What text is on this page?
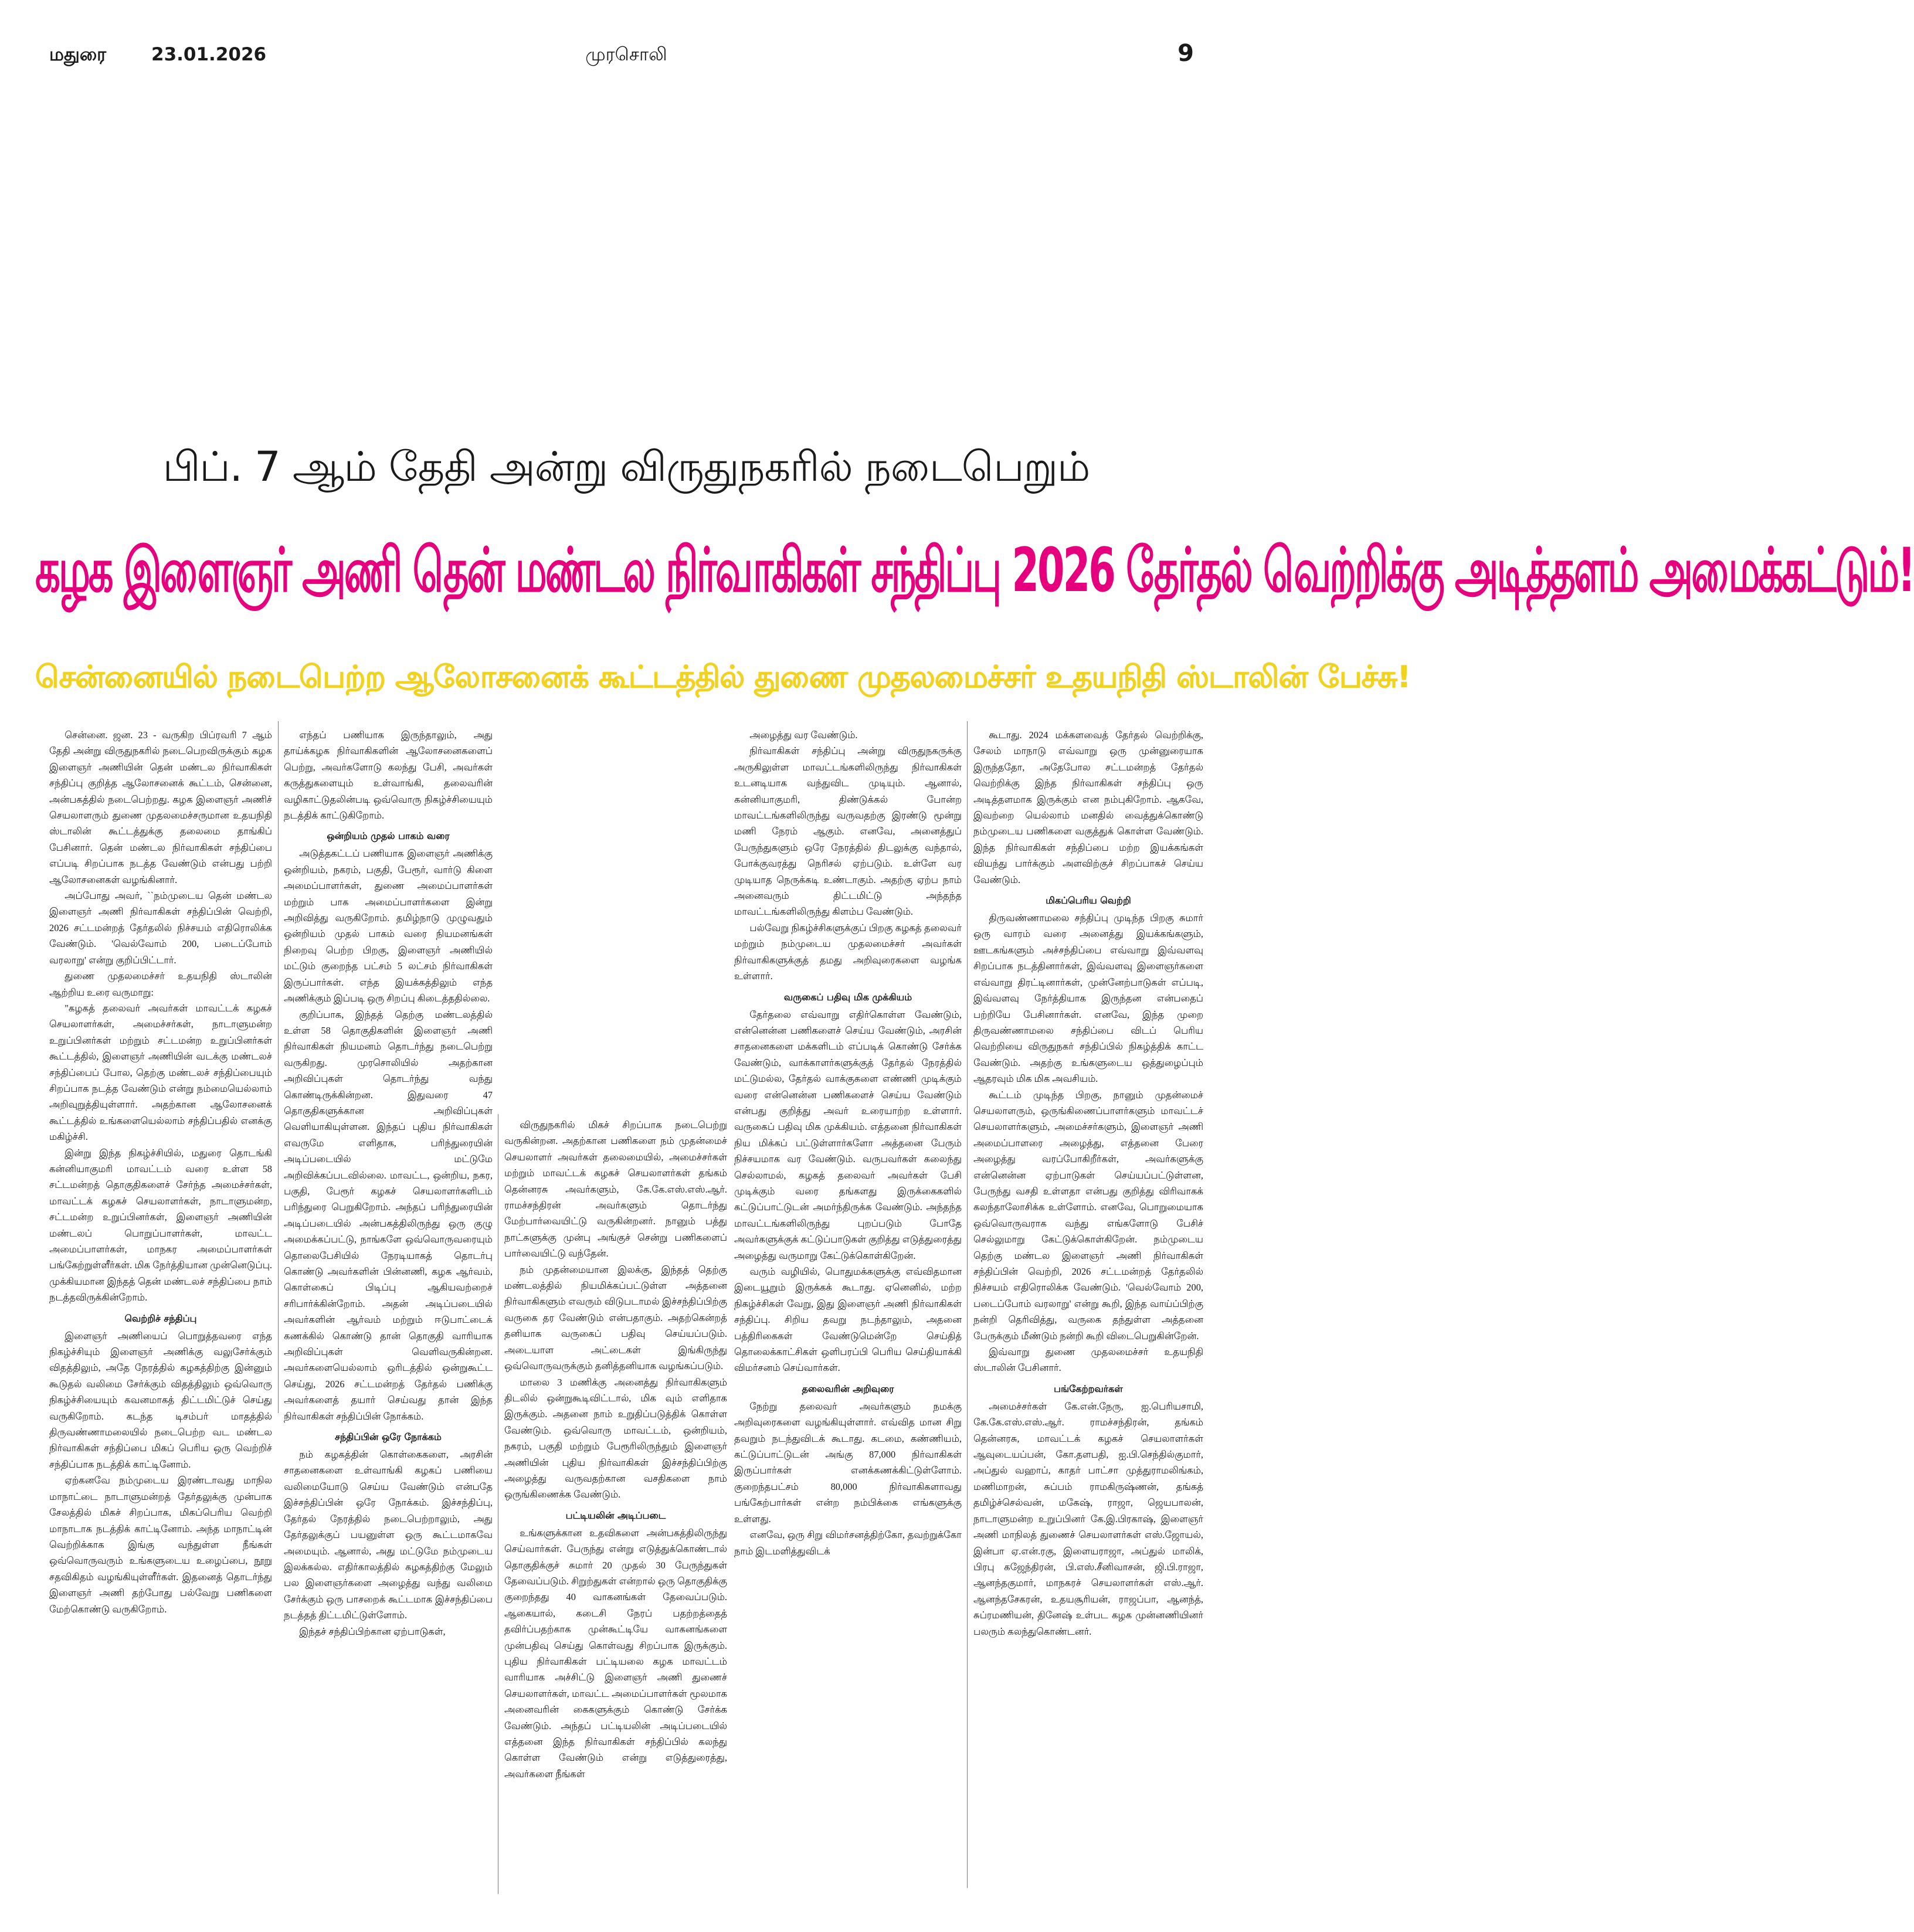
மதுரை 23.01.2026	முரசொலி	9
பிப். 7 ஆம் தேதி அன்று விருதுநகரில் நடைபெறும்
கழக இளைஞர் அணி தென் மண்டல நிர்வாகிகள் சந்திப்பு 2026 தேர்தல் வெற்றிக்கு அடித்தளம் அமைக்கட்டும்!
சென்னையில் நடைபெற்ற ஆலோசனைக் கூட்டத்தில் துணை முதலமைச்சர் உதயநிதி ஸ்டாலின் பேச்சு!

சென்னை. ஜன. 23 - வருகிற பிப்ரவரி 7 ஆம் தேதி அன்று விருதுநகரில் நடைபெறவிருக்கும் கழக இளைஞர் அணியின் தென் மண்டல நிர்வாகிகள் சந்திப்பு குறித்த ஆலோசனைக் கூட்டம், சென்னை, அன்பகத்தில் நடைபெற்றது. கழக இளைஞர் அணிச் செயலாளரும் துணை முதலமைச்சருமான உதயநிதி ஸ்டாலின் கூட்டத்துக்கு தலைமை தாங்கிப் பேசினார். தென் மண்டல நிர்வாகிகள் சந்திப்பை எப்படி சிறப்பாக நடத்த வேண்டும் என்பது பற்றி ஆலோசனைகள் வழங்கினார்.

அப்போது அவர், ``நம்முடைய தென் மண்டல இளைஞர் அணி நிர்வாகிகள் சந்திப்பின் வெற்றி, 2026 சட்டமன்றத் தேர்தலில் நிச்சயம் எதிரொலிக்க வேண்டும். 'வெல்வோம் 200, படைப்போம் வரலாறு' என்று குறிப்பிட்டார்.

துணை முதலமைச்சர் உதயநிதி ஸ்டாலின் ஆற்றிய உரை வருமாறு:

"கழகத் தலைவர் அவர்கள் மாவட்டக் கழகச் செயலாளர்கள், அமைச்சர்கள், நாடாளுமன்ற உறுப்பினர்கள் மற்றும் சட்டமன்ற உறுப்பினர்கள் கூட்டத்தில், இளைஞர் அணியின் வடக்கு மண்டலச் சந்திப்பைப் போல, தெற்கு மண்டலச் சந்திப்பையும் சிறப்பாக நடத்த வேண்டும் என்று நம்மையெல்லாம் அறிவுறுத்தியுள்ளார். அதற்கான ஆலோசனைக் கூட்டத்தில் உங்களையெல்லாம் சந்திப்பதில் எனக்கு மகிழ்ச்சி.

இன்று இந்த நிகழ்ச்சியில், மதுரை தொடங்கி கன்னியாகுமரி மாவட்டம் வரை உள்ள 58 சட்டமன்றத் தொகுதிகளைச் சேர்ந்த அமைச்சர்கள், மாவட்டக் கழகச் செயலாளர்கள், நாடாளுமன்ற, சட்டமன்ற உறுப்பினர்கள், இளைஞர் அணியின் மண்டலப் பொறுப்பாளர்கள், மாவட்ட அமைப்பாளர்கள், மாநகர அமைப்பாளர்கள் பங்கேற்றுள்ளீர்கள். மிக நேர்த்தியான முன்னெடுப்பு. முக்கியமான இந்தத் தென் மண்டலச் சந்திப்பை நாம் நடத்தவிருக்கின்றோம்.

வெற்றிச் சந்திப்பு

இளைஞர் அணியைப் பொறுத்தவரை எந்த நிகழ்ச்சியும் இளைஞர் அணிக்கு வலுசேர்க்கும் விதத்திலும், அதே நேரத்தில் கழகத்திற்கு இன்னும் கூடுதல் வலிமை சேர்க்கும் விதத்திலும் ஒவ்வொரு நிகழ்ச்சியையும் கவனமாகத் திட்டமிட்டுச் செய்து வருகிறோம். கடந்த டிசம்பர் மாதத்தில் திருவண்ணாமலையில் நடைபெற்ற வட மண்டல நிர்வாகிகள் சந்திப்பை மிகப் பெரிய ஒரு வெற்றிச் சந்திப்பாக நடத்திக் காட்டினோம்.

ஏற்கனவே நம்முடைய இரண்டாவது மாநில மாநாட்டை நாடாளுமன்றத் தேர்தலுக்கு முன்பாக சேலத்தில் மிகச் சிறப்பாக, மிகப்பெரிய வெற்றி மாநாடாக நடத்திக் காட்டினோம். அந்த மாநாட்டின் வெற்றிக்காக இங்கு வந்துள்ள நீங்கள் ஒவ்வொருவரும் உங்களுடைய உழைப்பை, நூறு சதவிகிதம் வழங்கியுள்ளீர்கள். இதனைத் தொடர்ந்து இளைஞர் அணி தற்போது பல்வேறு பணிகளை மேற்கொண்டு வருகிறோம்.

எந்தப் பணியாக இருந்தாலும், அது தாய்க்கழக நிர்வாகிகளின் ஆலோசனைகளைப் பெற்று, அவர்களோடு கலந்து பேசி, அவர்கள் கருத்துகளையும் உள்வாங்கி, தலைவரின் வழிகாட்டுதலின்படி ஒவ்வொரு நிகழ்ச்சியையும் நடத்திக் காட்டுகிறோம்.

ஒன்றியம் முதல் பாகம் வரை

அடுத்தகட்டப் பணியாக இளைஞர் அணிக்கு ஒன்றியம், நகரம், பகுதி, பேரூர், வார்டு கிளை அமைப்பாளர்கள், துணை அமைப்பாளர்கள் மற்றும் பாக அமைப்பாளர்களை இன்று அறிவித்து வருகிறோம். தமிழ்நாடு முழுவதும் ஒன்றியம் முதல் பாகம் வரை நியமனங்கள் நிறைவு பெற்ற பிறகு, இளைஞர் அணியில் மட்டும் குறைந்த பட்சம் 5 லட்சம் நிர்வாகிகள் இருப்பார்கள். எந்த இயக்கத்திலும் எந்த அணிக்கும் இப்படி ஒரு சிறப்பு கிடைத்ததில்லை.

குறிப்பாக, இந்தத் தெற்கு மண்டலத்தில் உள்ள 58 தொகுதிகளின் இளைஞர் அணி நிர்வாகிகள் நியமனம் தொடர்ந்து நடைபெற்று வருகிறது. முரசொலியில் அதற்கான அறிவிப்புகள் தொடர்ந்து வந்து கொண்டிருக்கின்றன. இதுவரை 47 தொகுதிகளுக்கான அறிவிப்புகள் வெளியாகியுள்ளன. இந்தப் புதிய நிர்வாகிகள் எவருமே எளிதாக, பரிந்துரையின் அடிப்படையில் மட்டுமே அறிவிக்கப்படவில்லை. மாவட்ட, ஒன்றிய, நகர, பகுதி, பேரூர் கழகச் செயலாளர்களிடம் பரிந்துரை பெறுகிறோம். அந்தப் பரிந்துரையின் அடிப்படையில் அன்பகத்திலிருந்து ஒரு குழு அமைக்கப்பட்டு, நாங்களே ஒவ்வொருவரையும் தொலைபேசியில் நேரடியாகத் தொடர்பு கொண்டு அவர்களின் பின்னணி, கழக ஆர்வம், கொள்கைப் பிடிப்பு ஆகியவற்றைச் சரிபார்க்கின்றோம். அதன் அடிப்படையில் அவர்களின் ஆர்வம் மற்றும் ஈடுபாட்டைக் கணக்கில் கொண்டு தான் தொகுதி வாரியாக அறிவிப்புகள் வெளிவருகின்றன. அவர்களையெல்லாம் ஒரிடத்தில் ஒன்றுகூட்ட செய்து, 2026 சட்டமன்றத் தேர்தல் பணிக்கு அவர்களைத் தயார் செய்வது தான் இந்த நிர்வாகிகள் சந்திப்பின் நோக்கம்.

சந்திப்பின் ஒரே நோக்கம்

நம் கழகத்தின் கொள்கைகளை, அரசின் சாதனைகளை உள்வாங்கி கழகப் பணியை வலிமையோடு செய்ய வேண்டும் என்பதே இச்சந்திப்பின் ஒரே நோக்கம். இச்சந்திப்பு, தேர்தல் நேரத்தில் நடைபெற்றாலும், அது தேர்தலுக்குப் பயனுள்ள ஒரு கூட்டமாகவே அமையும். ஆனால், அது மட்டுமே நம்முடைய இலக்கல்ல. எதிர்காலத்தில் கழகத்திற்கு மேலும் பல இளைஞர்களை அழைத்து வந்து வலிமை சேர்க்கும் ஒரு பாசறைக் கூட்டமாக இச்சந்திப்பை நடத்தத் திட்டமிட்டுள்ளோம்.

இந்தச் சந்திப்பிற்கான ஏற்பாடுகள்,

விருதுநகரில் மிகச் சிறப்பாக நடைபெற்று வருகின்றன. அதற்கான பணிகளை நம் முதன்மைச் செயலாளர் அவர்கள் தலைமையில், அமைச்சர்கள் மற்றும் மாவட்டக் கழகச் செயலாளர்கள் தங்கம் தென்னரசு அவர்களும், கே.கே.எஸ்.எஸ்.ஆர். ராமச்சந்திரன் அவர்களும் தொடர்ந்து மேற்பார்வையிட்டு வருகின்றனர். நானும் பத்து நாட்களுக்கு முன்பு அங்குச் சென்று பணிகளைப் பார்வையிட்டு வந்தேன்.

நம் முதன்மையான இலக்கு, இந்தத் தெற்கு மண்டலத்தில் நியமிக்கப்பட்டுள்ள அத்தனை நிர்வாகிகளும் எவரும் விடுபடாமல் இச்சந்திப்பிற்கு வருகை தர வேண்டும் என்பதாகும். அதற்கென்றத் தனியாக வருகைப் பதிவு செய்யப்படும். அடையாள அட்டைகள் இங்கிருந்து ஒவ்வொருவருக்கும் தனித்தனியாக வழங்கப்படும்.

மாலை 3 மணிக்கு அனைத்து நிர்வாகிகளும் திடலில் ஒன்றுகூடிவிட்டால், மிக வும் எளிதாக இருக்கும். அதனை நாம் உறுதிப்படுத்திக் கொள்ள வேண்டும். ஒவ்வொரு மாவட்டம், ஒன்றியம், நகரம், பகுதி மற்றும் பேரூரிலிருந்தும் இளைஞர் அணியின் புதிய நிர்வாகிகள் இச்சந்திப்பிற்கு அழைத்து வருவதற்கான வசதிகளை நாம் ஒருங்கிணைக்க வேண்டும்.

பட்டியலின் அடிப்படை

உங்களுக்கான உதவிகளை அன்பகத்திலிருந்து செய்வார்கள். பேருந்து என்று எடுத்துக்கொண்டால் தொகுதிக்குச் சுமார் 20 முதல் 30 பேருந்துகள் தேவைப்படும். சிறுற்துகள் என்றால் ஒரு தொகுதிக்கு குறைந்தது 40 வாகனங்கள் தேவைப்படும். ஆகையால், கடைசி நேரப் பதற்றத்தைத் தவிர்ப்பதற்காக முன்கூட்டியே வாகனங்களை முன்பதிவு செய்து கொள்வது சிறப்பாக இருக்கும். புதிய நிர்வாகிகள் பட்டியலை கழக மாவட்டம் வாரியாக அச்சிட்டு இளைஞர் அணி துணைச் செயலாளர்கள், மாவட்ட அமைப்பாளர்கள் மூலமாக அனைவரின் கைகளுக்கும் கொண்டு சேர்க்க வேண்டும். அந்தப் பட்டியலின் அடிப்படையில் எத்தனை இந்த நிர்வாகிகள் சந்திப்பில் கலந்து கொள்ள வேண்டும் என்று எடுத்துரைத்து, அவர்களை நீங்கள்

அழைத்து வர வேண்டும்.

நிர்வாகிகள் சந்திப்பு அன்று விருதுநகருக்கு அருகிலுள்ள மாவட்டங்களிலிருந்து நிர்வாகிகள் உடனடியாக வந்துவிட முடியும். ஆனால், கன்னியாகுமரி, திண்டுக்கல் போன்ற மாவட்டங்களிலிருந்து வருவதற்கு இரண்டு மூன்று மணி நேரம் ஆகும். எனவே, அனைத்துப் பேருந்துகளும் ஒரே நேரத்தில் திடலுக்கு வந்தால், போக்குவரத்து நெரிசல் ஏற்படும். உள்ளே வர முடியாத நெருக்கடி உண்டாகும். அதற்கு ஏற்ப நாம் அனைவரும் திட்டமிட்டு அந்தந்த மாவட்டங்களிலிருந்து கிளம்ப வேண்டும்.

பல்வேறு நிகழ்ச்சிகளுக்குப் பிறகு கழகத் தலைவர் மற்றும் நம்முடைய முதலமைச்சர் அவர்கள் நிர்வாகிகளுக்குத் தமது அறிவுரைகளை வழங்க உள்ளார்.

வருகைப் பதிவு மிக முக்கியம்

தேர்தலை எவ்வாறு எதிர்கொள்ள வேண்டும், என்னென்ன பணிகளைச் செய்ய வேண்டும், அரசின் சாதனைகளை மக்களிடம் எப்படிக் கொண்டு சேர்க்க வேண்டும், வாக்காளர்களுக்குத் தேர்தல் நேரத்தில் மட்டுமல்ல, தேர்தல் வாக்குகளை எண்ணி முடிக்கும் வரை என்னென்ன பணிகளைச் செய்ய வேண்டும் என்பது குறித்து அவர் உரையாற்ற உள்ளார். வருகைப் பதிவு மிக முக்கியம். எத்தனை நிர்வாகிகள் நிய மிக்கப் பட்டுள்ளார்களோ அத்தனை பேரும் நிச்சயமாக வர வேண்டும். வருபவர்கள் கலைந்து செல்லாமல், கழகத் தலைவர் அவர்கள் பேசி முடிக்கும் வரை தங்களது இருக்கைகளில் கட்டுப்பாட்டுடன் அமர்ந்திருக்க வேண்டும். அந்தந்த மாவட்டங்களிலிருந்து புறப்படும் போதே அவர்களுக்குக் கட்டுப்பாடுகள் குறித்து எடுத்துரைத்து அழைத்து வருமாறு கேட்டுக்கொள்கிறேன்.

வரும் வழியில், பொதுமக்களுக்கு எவ்விதமான இடையூறும் இருக்கக் கூடாது. ஏனெனில், மற்ற நிகழ்ச்சிகள் வேறு, இது இளைஞர் அணி நிர்வாகிகள் சந்திப்பு. சிறிய தவறு நடந்தாலும், அதனை பத்திரிகைகள் வேண்டுமென்றே செய்தித் தொலைக்காட்சிகள் ஒளிபரப்பி பெரிய செய்தியாக்கி விமர்சனம் செய்வார்கள்.

தலைவரின் அறிவுரை

நேற்று தலைவர் அவர்களும் நமக்கு அறிவுரைகளை வழங்கியுள்ளார். எவ்வித மான சிறு தவறும் நடந்துவிடக் கூடாது. கடமை, கண்ணியம், கட்டுப்பாட்டுடன் அங்கு 87,000 நிர்வாகிகள் இருப்பார்கள் எனக்கணக்கிட்டுள்ளோம். குறைந்தபட்சம் 80,000 நிர்வாகிகளாவது பங்கேற்பார்கள் என்ற நம்பிக்கை எங்களுக்கு உள்ளது.

எனவே, ஒரு சிறு விமர்சனத்திற்கோ, தவற்றுக்கோ நாம் இடமளித்துவிடக்

கூடாது. 2024 மக்களவைத் தேர்தல் வெற்றிக்கு, சேலம் மாநாடு எவ்வாறு ஒரு முன்னுரையாக இருந்ததோ, அதேபோல சட்டமன்றத் தேர்தல் வெற்றிக்கு இந்த நிர்வாகிகள் சந்திப்பு ஒரு அடித்தளமாக இருக்கும் என நம்புகிறோம். ஆகவே, இவற்றை யெல்லாம் மனதில் வைத்துக்கொண்டு நம்முடைய பணிகளை வகுத்துக் கொள்ள வேண்டும். இந்த நிர்வாகிகள் சந்திப்பை மற்ற இயக்கங்கள் வியந்து பார்க்கும் அளவிற்குச் சிறப்பாகச் செய்ய வேண்டும்.

மிகப்பெரிய வெற்றி

திருவண்ணாமலை சந்திப்பு முடிந்த பிறகு சுமார் ஒரு வாரம் வரை அனைத்து இயக்கங்களும், ஊடகங்களும் அச்சந்திப்பை எவ்வாறு இவ்வளவு சிறப்பாக நடத்தினார்கள், இவ்வளவு இளைஞர்களை எவ்வாறு திரட்டினார்கள், முன்னேற்பாடுகள் எப்படி, இவ்வளவு நேர்த்தியாக இருந்தன என்பதைப் பற்றியே பேசினார்கள். எனவே, இந்த முறை திருவண்ணாமலை சந்திப்பை விடப் பெரிய வெற்றியை விருதுநகர் சந்திப்பில் நிகழ்த்திக் காட்ட வேண்டும். அதற்கு உங்களுடைய ஒத்துழைப்பும் ஆதரவும் மிக மிக அவசியம்.

கூட்டம் முடிந்த பிறகு, நானும் முதன்மைச் செயலாளரும், ஒருங்கிணைப்பாளர்களும் மாவட்டச் செயலாளர்களும், அமைச்சர்களும், இளைஞர் அணி அமைப்பாளரை அழைத்து, எத்தனை பேரை அழைத்து வரப்போகிறீர்கள், அவர்களுக்கு என்னென்ன ஏற்பாடுகள் செய்யப்பட்டுள்ளன, பேருந்து வசதி உள்ளதா என்பது குறித்து விரிவாகக் கலந்தாலோசிக்க உள்ளோம். எனவே, பொறுமையாக ஒவ்வொருவராக வந்து எங்களோடு பேசிச் செல்லுமாறு கேட்டுக்கொள்கிறேன். நம்முடைய தெற்கு மண்டல இளைஞர் அணி நிர்வாகிகள் சந்திப்பின் வெற்றி, 2026 சட்டமன்றத் தேர்தலில் நிச்சயம் எதிரொலிக்க வேண்டும். 'வெல்வோம் 200, படைப்போம் வரலாறு' என்று கூறி, இந்த வாய்ப்பிற்கு நன்றி தெரிவித்து, வருகை தந்துள்ள அத்தனை பேருக்கும் மீண்டும் நன்றி கூறி விடைபெறுகின்றேன்.

இவ்வாறு துணை முதலமைச்சர் உதயநிதி ஸ்டாலின் பேசினார்.

பங்கேற்றவர்கள்

அமைச்சர்கள் கே.என்.நேரு, ஐ.பெரியசாமி, கே.கே.எஸ்.எஸ்.ஆர். ராமச்சந்திரன், தங்கம் தென்னரசு, மாவட்டக் கழகச் செயலாளர்கள் ஆவுடையப்பன், கோ.தளபதி, ஐ.பி.செந்தில்குமார், அப்துல் வஹாப், காதர் பாட்சா முத்துராமலிங்கம், மணிமாறன், சுப்பம் ராமகிருஷ்ணன், தங்கத் தமிழ்ச்செல்வன், மகேஷ், ராஜா, ஜெயபாலன், நாடாளுமன்ற உறுப்பினர் கே.இ.பிரகாஷ், இளைஞர் அணி மாநிலத் துணைச் செயலாளர்கள் எஸ்.ஜோயல், இன்பா ஏ.என்.ரகு, இளையராஜா, அப்துல் மாலிக், பிரபு கஜேந்திரன், பி.எஸ்.சீனிவாசன், ஜி.பி.ராஜா, ஆனந்தகுமார், மாநகரச் செயலாளர்கள் எஸ்.ஆர். ஆனந்தசேகரன், உதயசூரியன், ராஜப்பா, ஆனந்த், சுப்ரமணியன், தினேஷ் உள்பட கழக முன்னணியினர் பலரும் கலந்துகொண்டனர்.
